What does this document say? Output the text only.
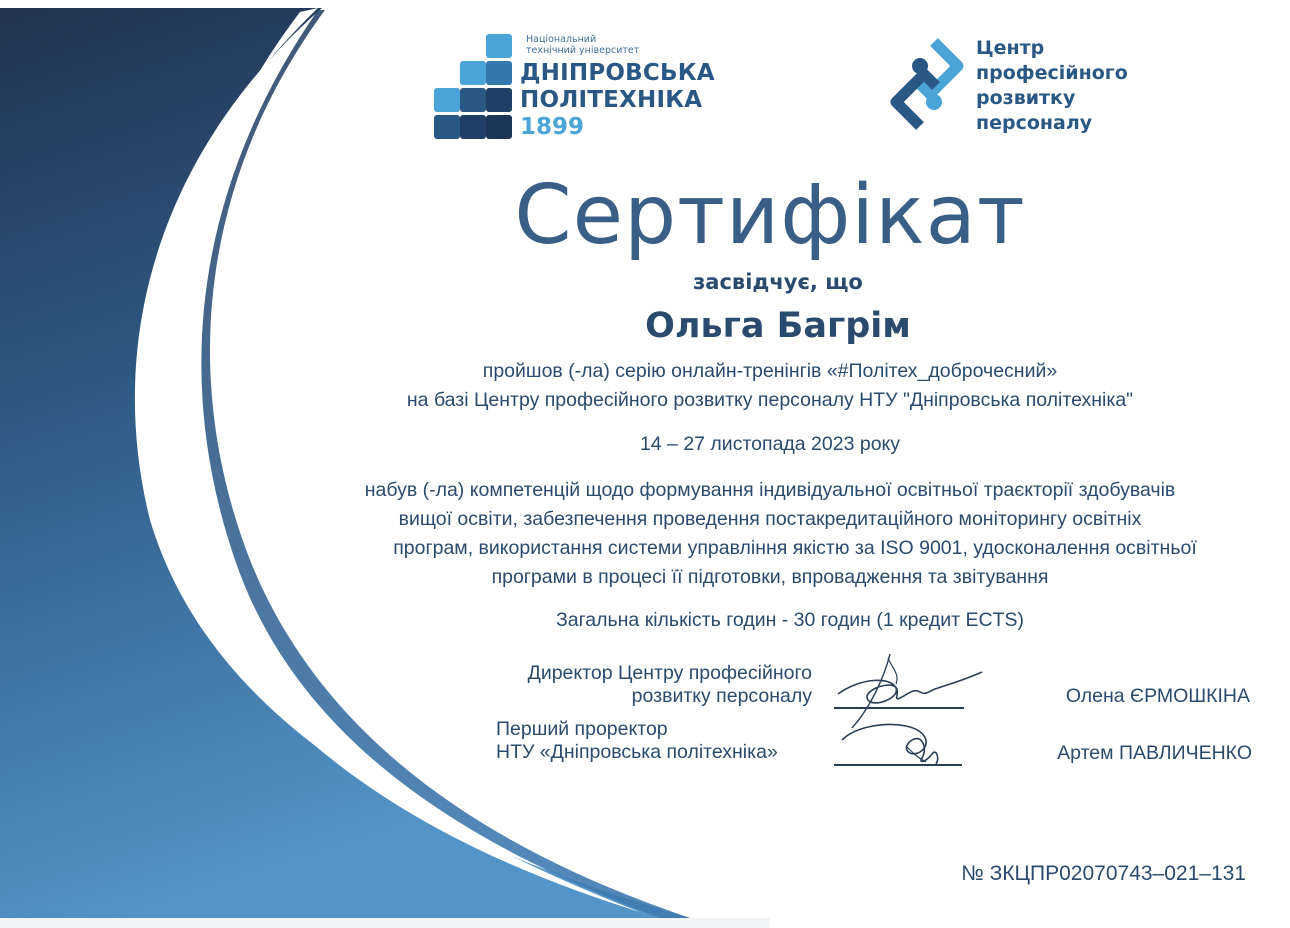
Національний
технічний університет
ДНІПРОВСЬКА
ПОЛІТЕХНІКА
1899
Центр
професійного
розвитку
персоналу
Сертифікат
засвідчує, що
Ольга Багрім
пройшов (-ла) серію онлайн-тренінгів «#Політех_доброчесний»
на базі Центру професійного розвитку персоналу НТУ "Дніпровська політехніка"
14 – 27 листопада 2023 року
набув (-ла) компетенцій щодо формування індивідуальної освітньої траєкторії здобувачів
вищої освіти, забезпечення проведення постакредитаційного моніторингу освітніх
програм, використання системи управління якістю за ISO 9001, удосконалення освітньої
програми в процесі її підготовки, впровадження та звітування
Загальна кількість годин - 30 годин (1 кредит ECTS)
Директор Центру професійного
розвитку персоналу	Олена ЄРМОШКІНА
Перший проректор
НТУ «Дніпровська політехніка»	Артем ПАВЛИЧЕНКО
№ ЗКЦПР02070743–021–131
